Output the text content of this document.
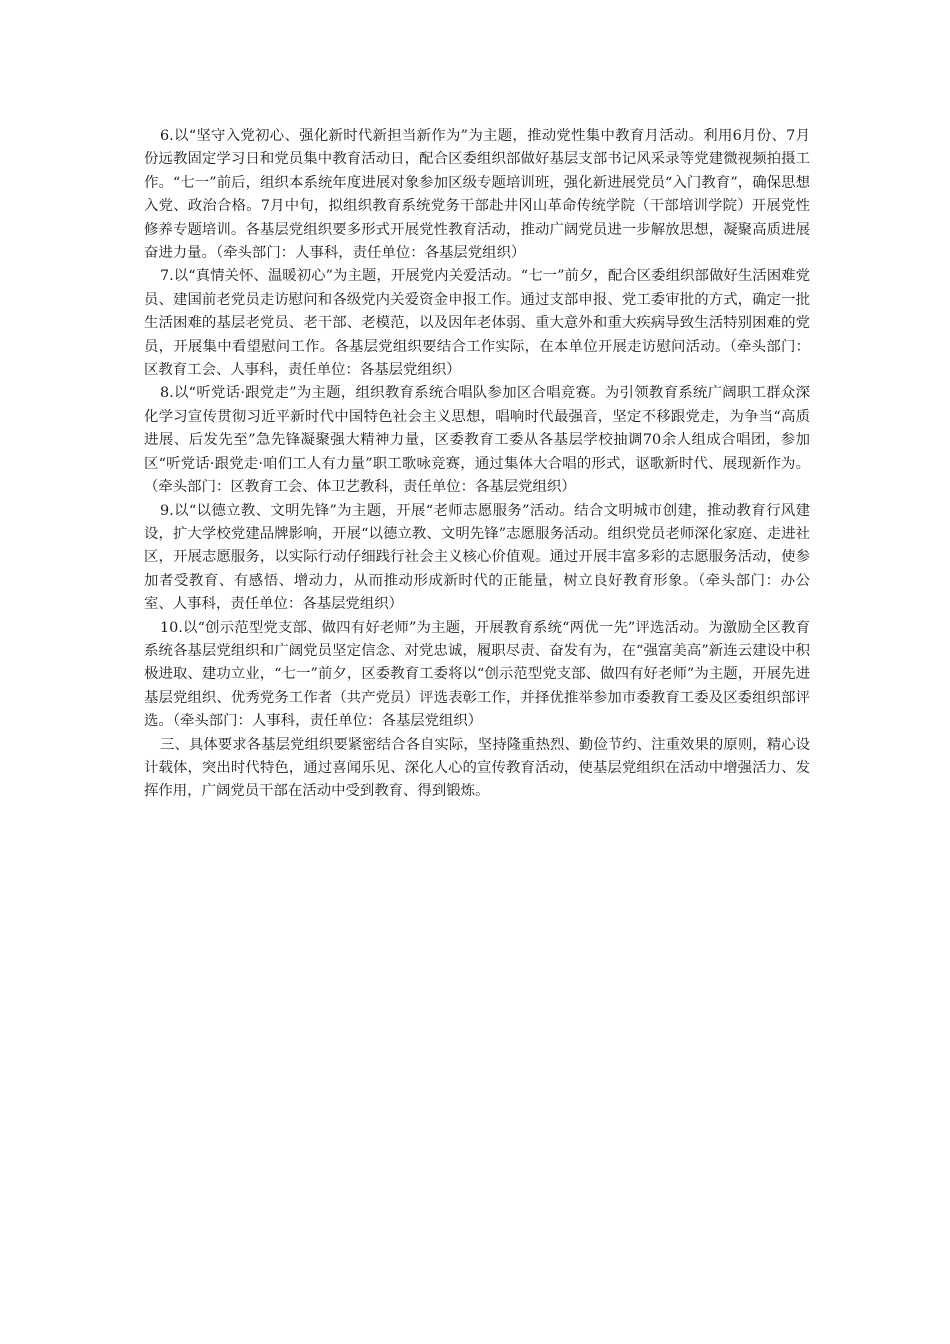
6.以“坚守入党初心、强化新时代新担当新作为”为主题，推动党性集中教育月活动。利用6月份、7月份远教固定学习日和党员集中教育活动日，配合区委组织部做好基层支部书记风采录等党建微视频拍摄工作。“七一”前后，组织本系统年度进展对象参加区级专题培训班，强化新进展党员“入门教育”，确保思想入党、政治合格。7月中旬，拟组织教育系统党务干部赴井冈山革命传统学院（干部培训学院）开展党性修养专题培训。各基层党组织要多形式开展党性教育活动，推动广阔党员进一步解放思想，凝聚高质进展奋进力量。（牵头部门：人事科，责任单位：各基层党组织）

7.以“真情关怀、温暖初心”为主题，开展党内关爱活动。“七一”前夕，配合区委组织部做好生活困难党员、建国前老党员走访慰问和各级党内关爱资金申报工作。通过支部申报、党工委审批的方式，确定一批生活困难的基层老党员、老干部、老模范，以及因年老体弱、重大意外和重大疾病导致生活特别困难的党员，开展集中看望慰问工作。各基层党组织要结合工作实际，在本单位开展走访慰问活动。（牵头部门：区教育工会、人事科，责任单位：各基层党组织）

8.以“听党话·跟党走”为主题，组织教育系统合唱队参加区合唱竞赛。为引领教育系统广阔职工群众深化学习宣传贯彻习近平新时代中国特色社会主义思想，唱响时代最强音，坚定不移跟党走，为争当“高质进展、后发先至”急先锋凝聚强大精神力量，区委教育工委从各基层学校抽调70余人组成合唱团，参加区“听党话·跟党走·咱们工人有力量”职工歌咏竞赛，通过集体大合唱的形式，讴歌新时代、展现新作为。（牵头部门：区教育工会、体卫艺教科，责任单位：各基层党组织）

9.以“以德立教、文明先锋”为主题，开展“老师志愿服务”活动。结合文明城市创建，推动教育行风建设，扩大学校党建品牌影响，开展“以德立教、文明先锋”志愿服务活动。组织党员老师深化家庭、走进社区，开展志愿服务，以实际行动仔细践行社会主义核心价值观。通过开展丰富多彩的志愿服务活动，使参加者受教育、有感悟、增动力，从而推动形成新时代的正能量，树立良好教育形象。（牵头部门：办公室、人事科，责任单位：各基层党组织）

10.以“创示范型党支部、做四有好老师”为主题，开展教育系统“两优一先”评选活动。为激励全区教育系统各基层党组织和广阔党员坚定信念、对党忠诚，履职尽责、奋发有为，在“强富美高”新连云建设中积极进取、建功立业，“七一”前夕，区委教育工委将以“创示范型党支部、做四有好老师”为主题，开展先进基层党组织、优秀党务工作者（共产党员）评选表彰工作，并择优推举参加市委教育工委及区委组织部评选。（牵头部门：人事科，责任单位：各基层党组织）

三、具体要求各基层党组织要紧密结合各自实际，坚持隆重热烈、勤俭节约、注重效果的原则，精心设计载体，突出时代特色，通过喜闻乐见、深化人心的宣传教育活动，使基层党组织在活动中增强活力、发挥作用，广阔党员干部在活动中受到教育、得到锻炼。
